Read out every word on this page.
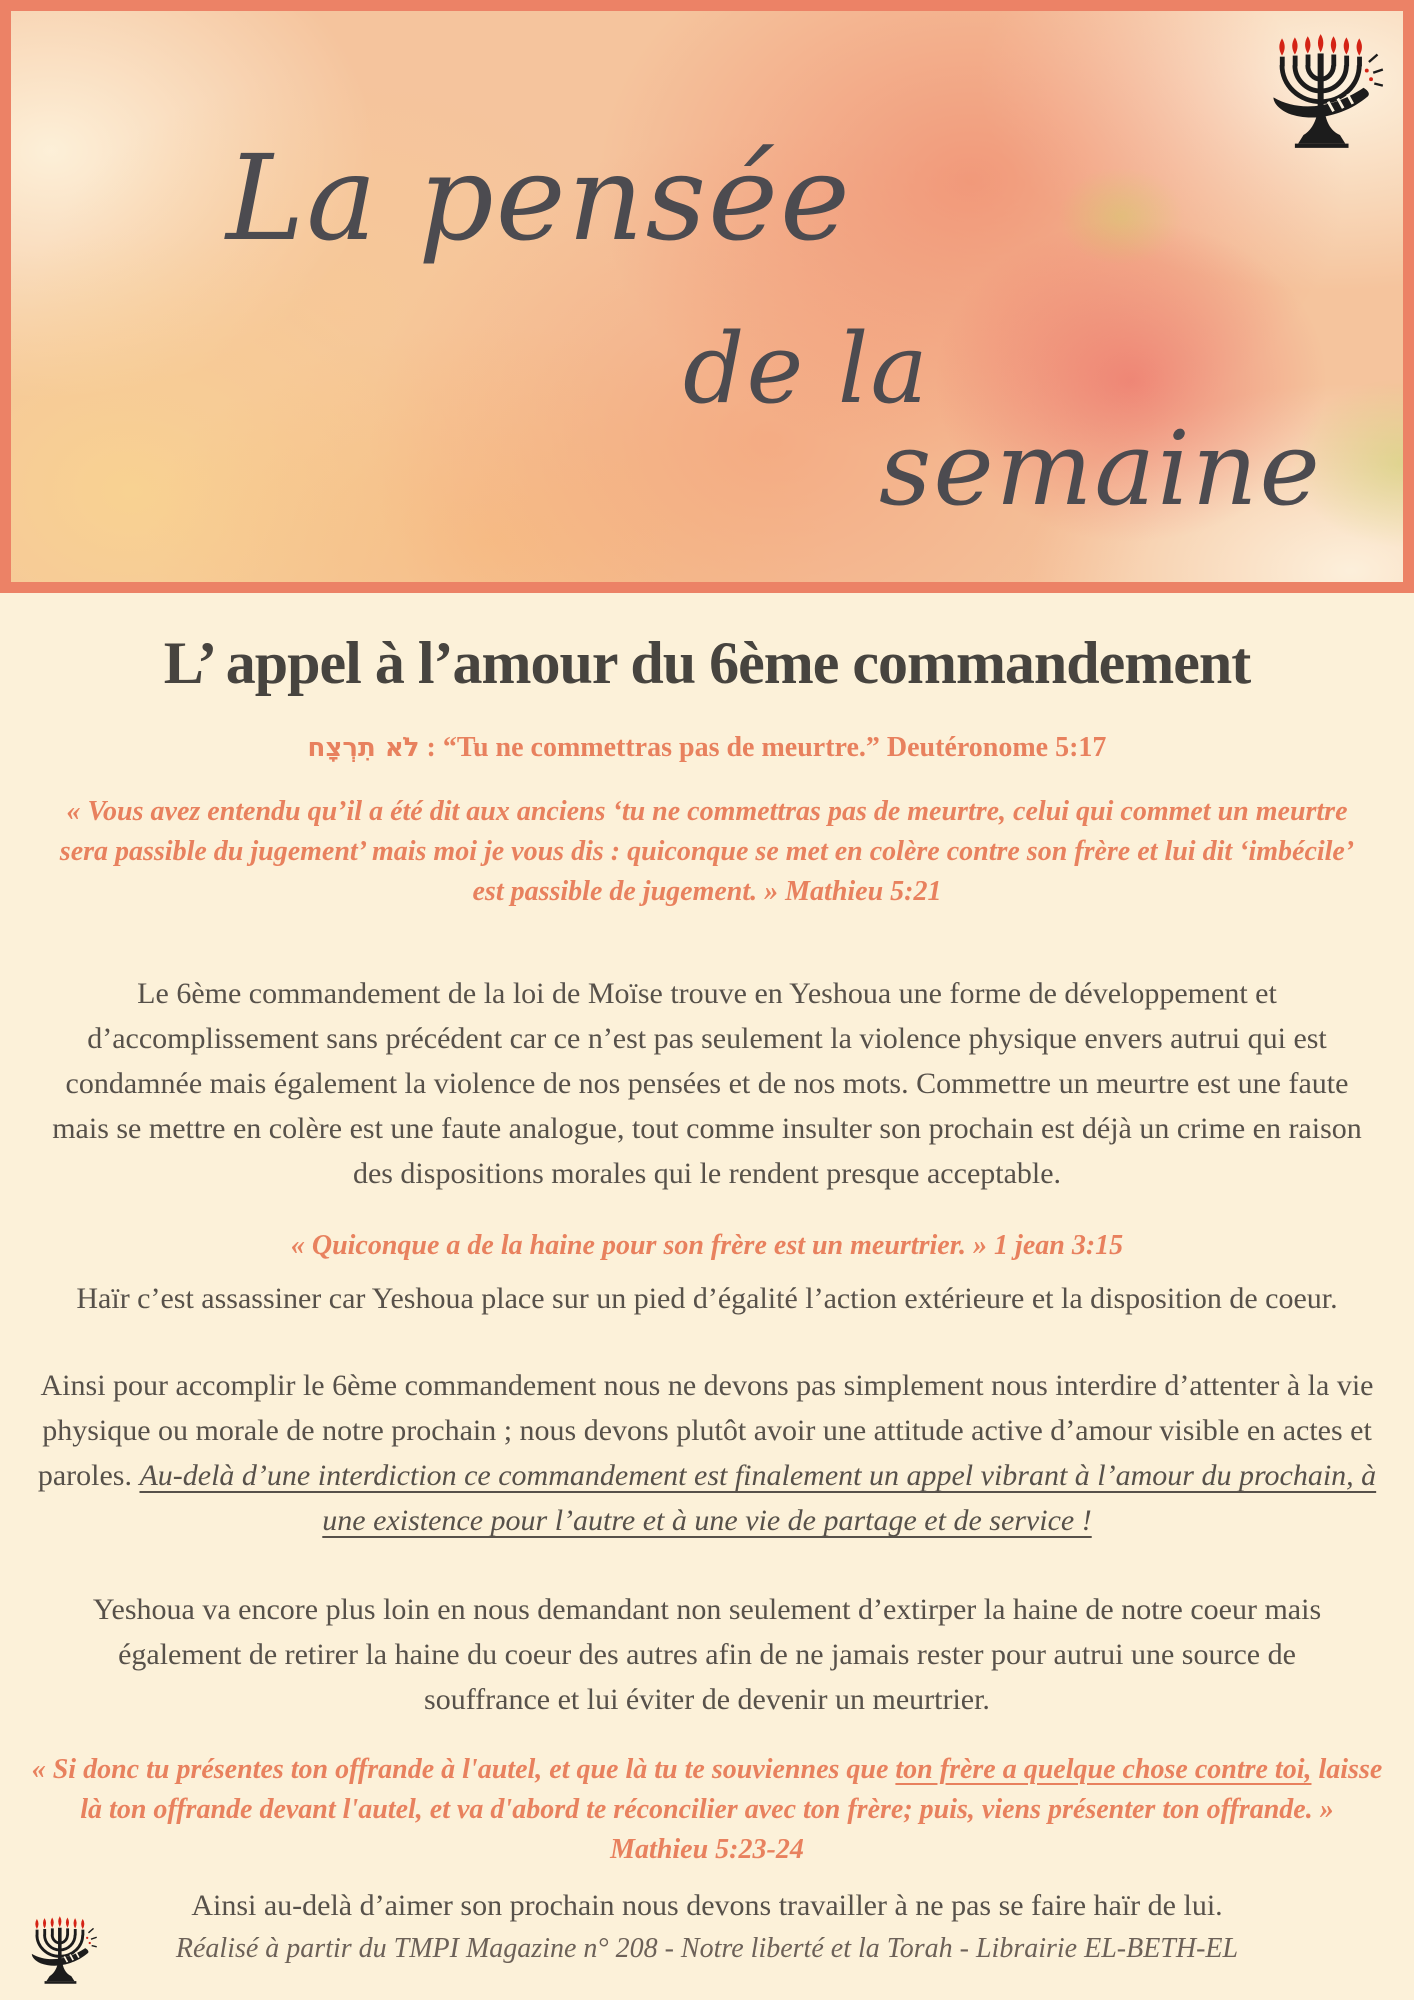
La pensée
de la
semaine
L’ appel à l’amour du 6ème commandement

לֹא תִרְצָח : “Tu ne commettras pas de meurtre.” Deutéronome 5:17

« Vous avez entendu qu’il a été dit aux anciens ‘tu ne commettras pas de meurtre, celui qui commet un meurtre sera passible du jugement’ mais moi je vous dis : quiconque se met en colère contre son frère et lui dit ‘imbécile’ est passible de jugement. » Mathieu 5:21

Le 6ème commandement de la loi de Moïse trouve en Yeshoua une forme de développement et d’accomplissement sans précédent car ce n’est pas seulement la violence physique envers autrui qui est condamnée mais également la violence de nos pensées et de nos mots. Commettre un meurtre est une faute mais se mettre en colère est une faute analogue, tout comme insulter son prochain est déjà un crime en raison des dispositions morales qui le rendent presque acceptable.

« Quiconque a de la haine pour son frère est un meurtrier. » 1 jean 3:15

Haïr c’est assassiner car Yeshoua place sur un pied d’égalité l’action extérieure et la disposition de coeur.

Ainsi pour accomplir le 6ème commandement nous ne devons pas simplement nous interdire d’attenter à la vie physique ou morale de notre prochain ; nous devons plutôt avoir une attitude active d’amour visible en actes et paroles. Au-delà d’une interdiction ce commandement est finalement un appel vibrant à l’amour du prochain, à une existence pour l’autre et à une vie de partage et de service !

Yeshoua va encore plus loin en nous demandant non seulement d’extirper la haine de notre coeur mais également de retirer la haine du coeur des autres afin de ne jamais rester pour autrui une source de souffrance et lui éviter de devenir un meurtrier.

« Si donc tu présentes ton offrande à l'autel, et que là tu te souviennes que ton frère a quelque chose contre toi, laisse là ton offrande devant l'autel, et va d'abord te réconcilier avec ton frère; puis, viens présenter ton offrande. » Mathieu 5:23-24

Ainsi au-delà d’aimer son prochain nous devons travailler à ne pas se faire haïr de lui.

Réalisé à partir du TMPI Magazine n° 208 - Notre liberté et la Torah - Librairie EL-BETH-EL
